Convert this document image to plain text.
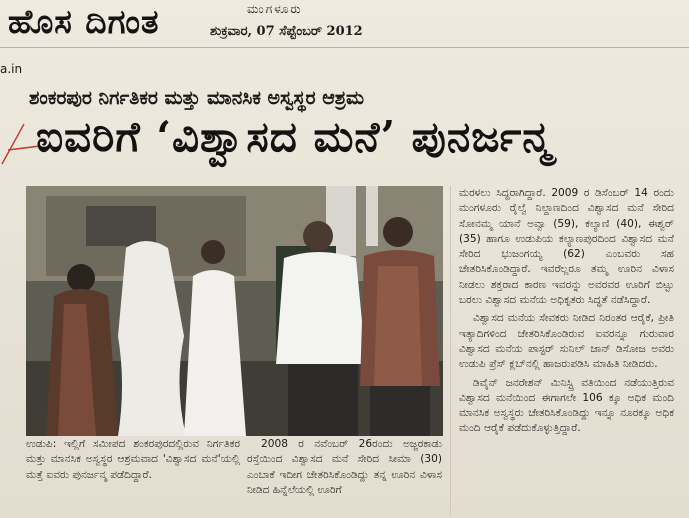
ಹೊಸ ದಿಗಂತ	ಮಂಗಳೂರು
ಶುಕ್ರವಾರ, 07 ಸೆಪ್ಟೆಂಬರ್ 2012
a.in
ಶಂಕರಪುರ ನಿರ್ಗತಿಕರ ಮತ್ತು ಮಾನಸಿಕ ಅಸ್ವಸ್ಥರ ಆಶ್ರಮ
ಐವರಿಗೆ ‘ವಿಶ್ವಾಸದ ಮನೆ’ ಪುನರ್ಜನ್ಮ

ಮರಳಲು ಸಿದ್ಧರಾಗಿದ್ದಾರೆ. 2009 ರ ಡಿಸೆಂಬರ್ 14 ರಂದು ಮಂಗಳೂರು ರೈಲ್ವೆ ನಿಲ್ದಾಣದಿಂದ ವಿಶ್ವಾಸದ ಮನೆ ಸೇರಿದ ಸೋನಮ್ಮ ಯಾನೆ ಅವ್ವಾ (59), ಕಲ್ಯಾಣಿ (40), ಈಶ್ವರ್ (35) ಹಾಗೂ ಉಡುಪಿಯ ಕಲ್ಯಾಣಪುರದಿಂದ ವಿಶ್ವಾಸದ ಮನೆ ಸೇರಿದ ಭುಜಂಗಯ್ಯ (62) ಎಂಬವರು ಸಹ ಚೇತರಿಸಿಕೊಂಡಿದ್ದಾರೆ. ಇವರೆಲ್ಲರೂ ತಮ್ಮ ಊರಿನ ವಿಳಾಸ ನೀಡಲು ಶಕ್ತರಾದ ಕಾರಣ ಇವರನ್ನು ಅವರವರ ಊರಿಗೆ ಬಿಟ್ಟು ಬರಲು ವಿಶ್ವಾಸದ ಮನೆಯ ಅಧಿಕೃತರು ಸಿದ್ಧತೆ ನಡೆಸಿದ್ದಾರೆ.

ವಿಶ್ವಾಸದ ಮನೆಯ ಸೇವಕರು ನೀಡಿದ ನಿರಂತರ ಆರೈಕೆ, ಪ್ರೀತಿ ಇತ್ಯಾದಿಗಳಿಂದ ಚೇತರಿಸಿಕೊಂಡಿರುವ ಐವರನ್ನೂ ಗುರುವಾರ ವಿಶ್ವಾಸದ ಮನೆಯ ಪಾಸ್ಟರ್ ಸುನಿಲ್ ಜಾನ್ ಡಿಸೋಜ ಅವರು ಉಡುಪಿ ಪ್ರೆಸ್ ಕ್ಲಬ್‌ನಲ್ಲಿ ಹಾಜರುಪಡಿಸಿ ಮಾಹಿತಿ ನೀಡಿದರು.

ಡಿವೈನ್ ಜನರೇಶನ್ ಮಿನಿಸ್ಟ್ರಿ ವತಿಯಿಂದ ನಡೆಯುತ್ತಿರುವ ವಿಶ್ವಾಸದ ಮನೆಯಿಂದ ಈಗಾಗಲೇ 106 ಕ್ಕೂ ಅಧಿಕ ಮಂದಿ ಮಾನಸಿಕ ಅಸ್ವಸ್ಥರು ಚೇತರಿಸಿಕೊಂಡಿದ್ದು ಇನ್ನೂ ನೂರಕ್ಕೂ ಅಧಿಕ ಮಂದಿ ಆರೈಕೆ ಪಡೆದುಕೊಳ್ಳುತ್ತಿದ್ದಾರೆ.

ಉಡುಪಿ: ಇಲ್ಲಿಗೆ ಸಮೀಪದ ಶಂಕರಪುರದಲ್ಲಿರುವ ನಿರ್ಗತಿಕರ ಮತ್ತು ಮಾನಸಿಕ ಅಸ್ವಸ್ಥರ ಆಶ್ರಮವಾದ 'ವಿಶ್ವಾಸದ ಮನೆ'ಯಲ್ಲಿ ಮತ್ತೆ ಐವರು ಪುನರ್ಜನ್ಮ ಪಡೆದಿದ್ದಾರೆ.

2008 ರ ನವೆಂಬರ್ 26ರಂದು ಅಜ್ಜರಕಾಡು ರಸ್ತೆಯಿಂದ ವಿಶ್ವಾಸದ ಮನೆ ಸೇರಿದ ಸೀಮಾ (30) ಎಂಬಾಕೆ ಇದೀಗ ಚೇತರಿಸಿಕೊಂಡಿದ್ದು ತನ್ನ ಊರಿನ ವಿಳಾಸ ನೀಡಿದ ಹಿನ್ನೆಲೆಯಲ್ಲಿ ಊರಿಗೆ
